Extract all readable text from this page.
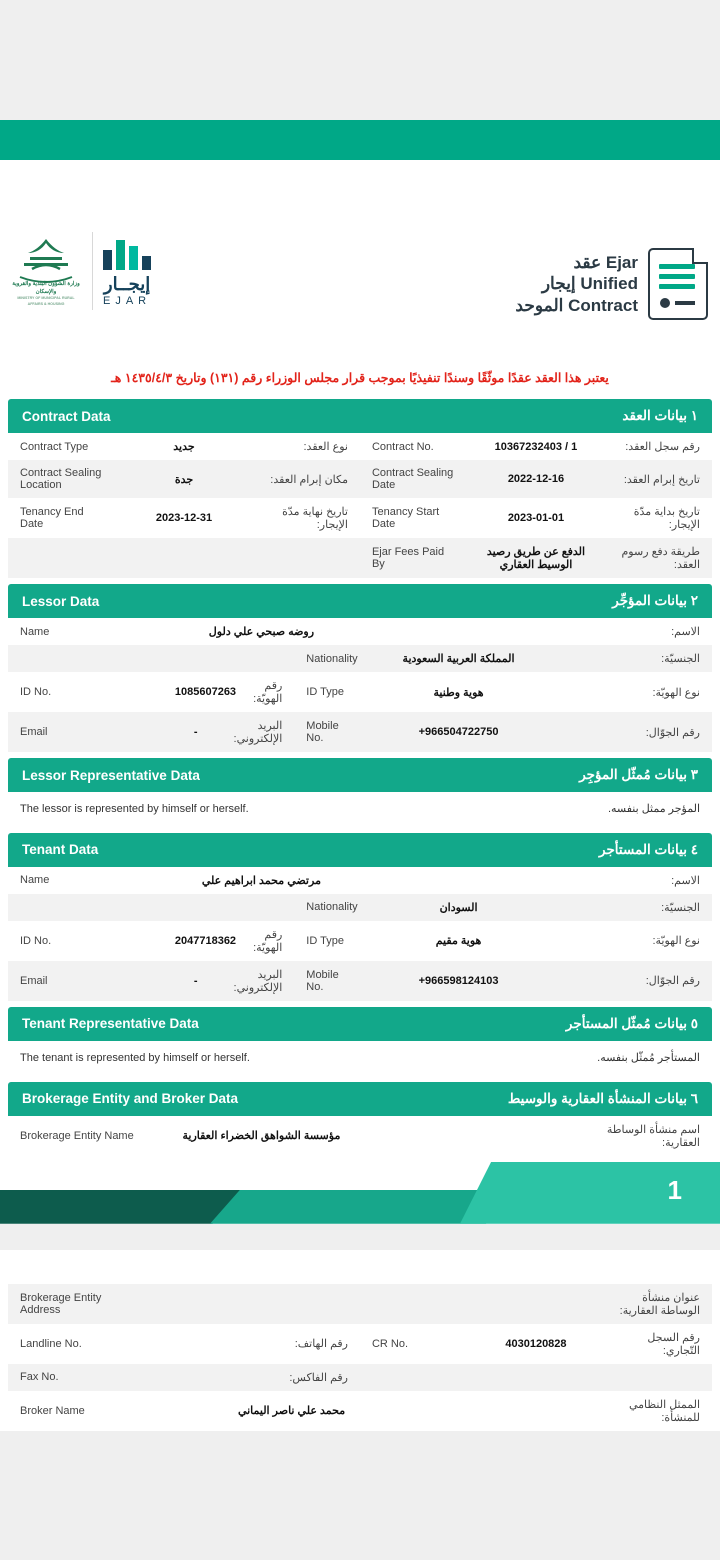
وزارة الشؤون البلدية والقروية والإسكان
MINISTRY OF MUNICIPAL RURAL AFFAIRS & HOUSING
إيجــار
EJAR
عقد Ejar
إيجار Unified
الموحد Contract
يعتبر هذا العقد عقدًا موثّقًا وسندًا تنفيذيًا بموجب قرار مجلس الوزراء رقم (١٣١) وتاريخ ١٤٣٥/٤/٣ هـ
Contract Data	١ بيانات العقد
Contract Type	جديد	نوع العقد:	Contract No.	10367232403 / 1	رقم سجل العقد:
Contract Sealing Location	جدة	مكان إبرام العقد:	Contract Sealing Date	2022-12-16	تاريخ إبرام العقد:
Tenancy End Date	2023-12-31	تاريخ نهاية مدّة الإيجار:	Tenancy Start Date	2023-01-01	تاريخ بداية مدّة الإيجار:
			Ejar Fees Paid By	الدفع عن طريق رصيد الوسيط العقاري	طريقة دفع رسوم العقد:
Lessor Data	٢ بيانات المؤجِّر
Name	روضه صبحي علي دلول				الاسم:
			Nationality	المملكة العربية السعودية	الجنسيّة:
ID No.	1085607263	رقم الهويّة:	ID Type	هوية وطنية	نوع الهويّة:
Email	-	البريد الإلكتروني:	Mobile No.	+966504722750	رقم الجوّال:
Lessor Representative Data	٣ بيانات مُمثّل المؤجِر
The lessor is represented by himself or herself.	المؤجر ممثل بنفسه.
Tenant Data	٤ بيانات المستأجر
Name	مرتضي محمد ابراهيم علي				الاسم:
			Nationality	السودان	الجنسيّة:
ID No.	2047718362	رقم الهويّة:	ID Type	هوية مقيم	نوع الهويّة:
Email	-	البريد الإلكتروني:	Mobile No.	+966598124103	رقم الجوّال:
Tenant Representative Data	٥ بيانات مُمثّل المستأجر
The tenant is represented by himself or herself.	المستأجر مُمثّل بنفسه.
Brokerage Entity and Broker Data	٦ بيانات المنشأة العقارية والوسيط
Brokerage Entity Name	مؤسسة الشواهق الخضراء العقارية		اسم منشأة الوساطة العقارية:
1
Brokerage Entity Address					عنوان منشأة الوساطة العقارية:
Landline No.		رقم الهاتف:	CR No.	4030120828	رقم السجل التّجاري:
Fax No.		رقم الفاكس:			
Broker Name	محمد علي ناصر اليماني				الممثل النظامي للمنشأة:
